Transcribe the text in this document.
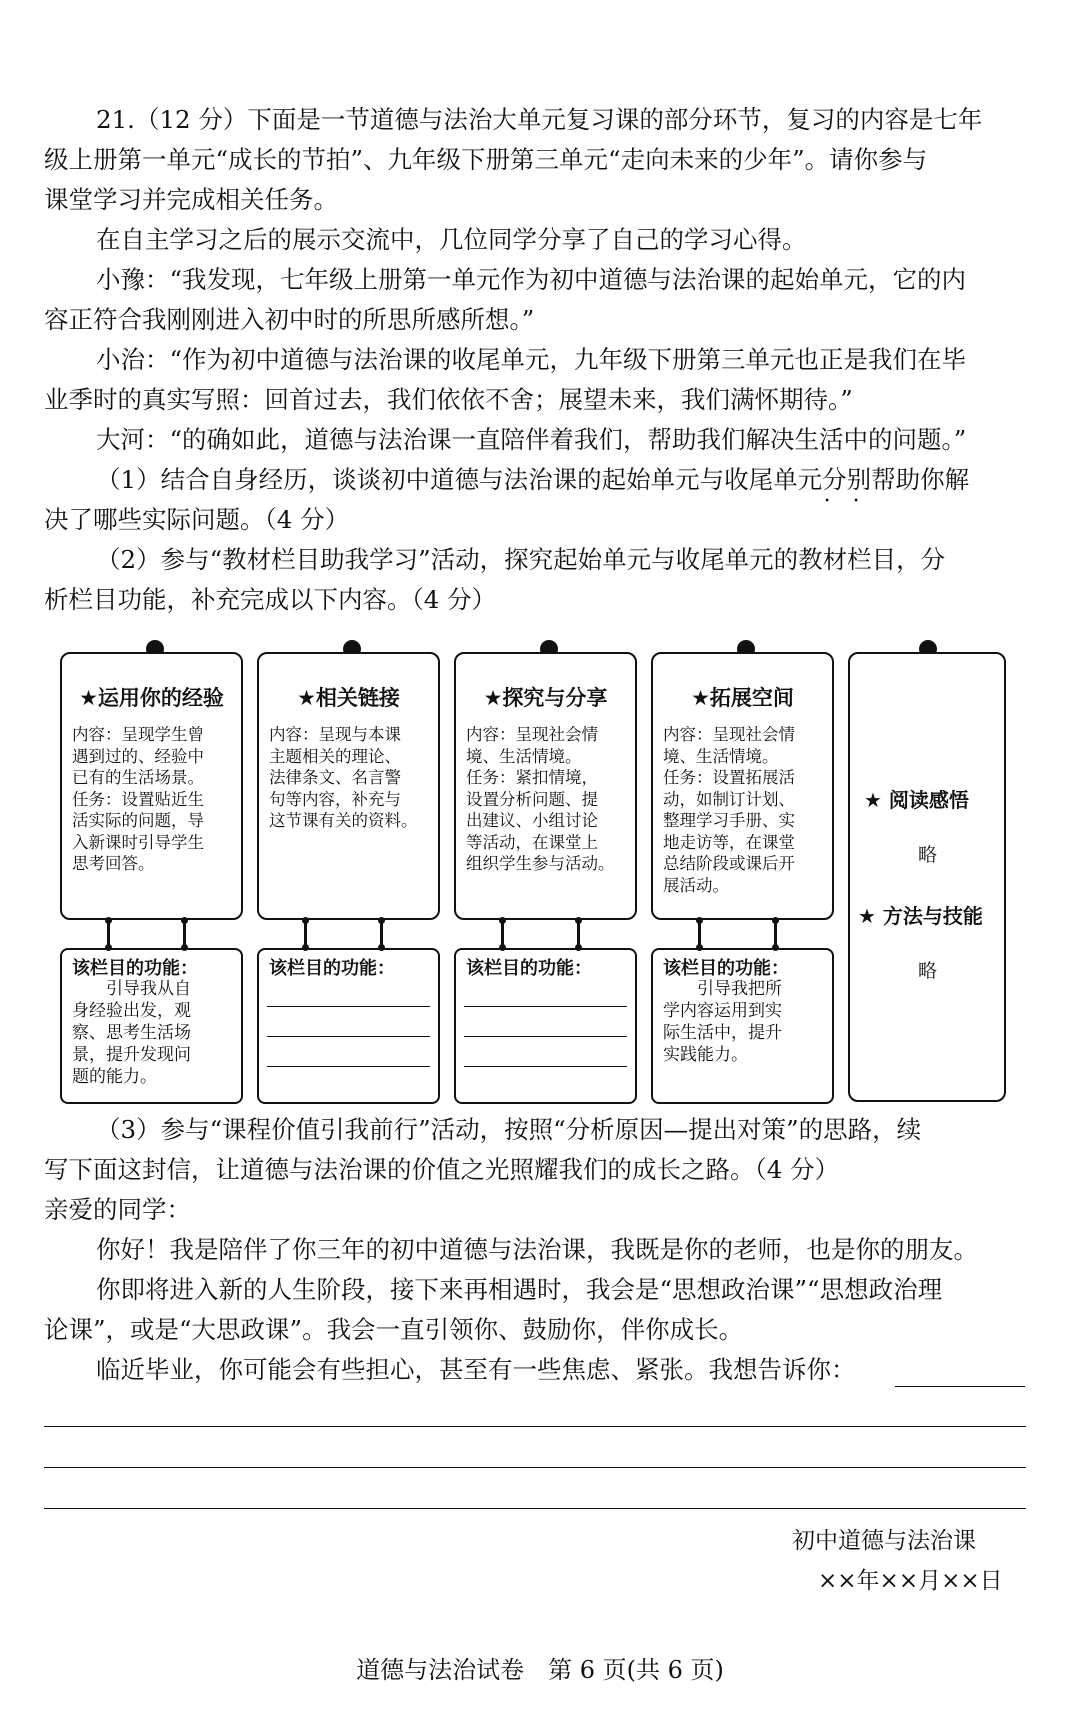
21.（12 分）下面是一节道德与法治大单元复习课的部分环节，复习的内容是七年
级上册第一单元“成长的节拍”、九年级下册第三单元“走向未来的少年”。请你参与
课堂学习并完成相关任务。
在自主学习之后的展示交流中，几位同学分享了自己的学习心得。
小豫：“我发现，七年级上册第一单元作为初中道德与法治课的起始单元，它的内
容正符合我刚刚进入初中时的所思所感所想。”
小治：“作为初中道德与法治课的收尾单元，九年级下册第三单元也正是我们在毕
业季时的真实写照：回首过去，我们依依不舍；展望未来，我们满怀期待。”
大河：“的确如此，道德与法治课一直陪伴着我们，帮助我们解决生活中的问题。”
（1）结合自身经历，谈谈初中道德与法治课的起始单元与收尾单元分别 • •帮助你解
决了哪些实际问题。（4 分）
（2）参与“教材栏目助我学习”活动，探究起始单元与收尾单元的教材栏目，分
析栏目功能，补充完成以下内容。（4 分）
★运用你的经验
内容：呈现学生曾
遇到过的、经验中
已有的生活场景。
任务：设置贴近生
活实际的问题，导
入新课时引导学生
思考回答。
该栏目的功能：
　　引导我从自
身经验出发，观
察、思考生活场
景，提升发现问
题的能力。
★相关链接
内容：呈现与本课
主题相关的理论、
法律条文、名言警
句等内容，补充与
这节课有关的资料。
该栏目的功能：
★探究与分享
内容：呈现社会情
境、生活情境。
任务：紧扣情境，
设置分析问题、提
出建议、小组讨论
等活动，在课堂上
组织学生参与活动。
该栏目的功能：
★拓展空间
内容：呈现社会情
境、生活情境。
任务：设置拓展活
动，如制订计划、
整理学习手册、实
地走访等，在课堂
总结阶段或课后开
展活动。
该栏目的功能：
　　引导我把所
学内容运用到实
际生活中，提升
实践能力。
★ 阅读感悟
略
★ 方法与技能
略
（3）参与“课程价值引我前行”活动，按照“分析原因—提出对策”的思路，续
写下面这封信，让道德与法治课的价值之光照耀我们的成长之路。（4 分）
亲爱的同学：
你好！我是陪伴了你三年的初中道德与法治课，我既是你的老师，也是你的朋友。
你即将进入新的人生阶段，接下来再相遇时，我会是“思想政治课”“思想政治理
论课”，或是“大思政课”。我会一直引领你、鼓励你，伴你成长。
临近毕业，你可能会有些担心，甚至有一些焦虑、紧张。我想告诉你：
初中道德与法治课
××年××月××日
道德与法治试卷　第 6 页(共 6 页)
